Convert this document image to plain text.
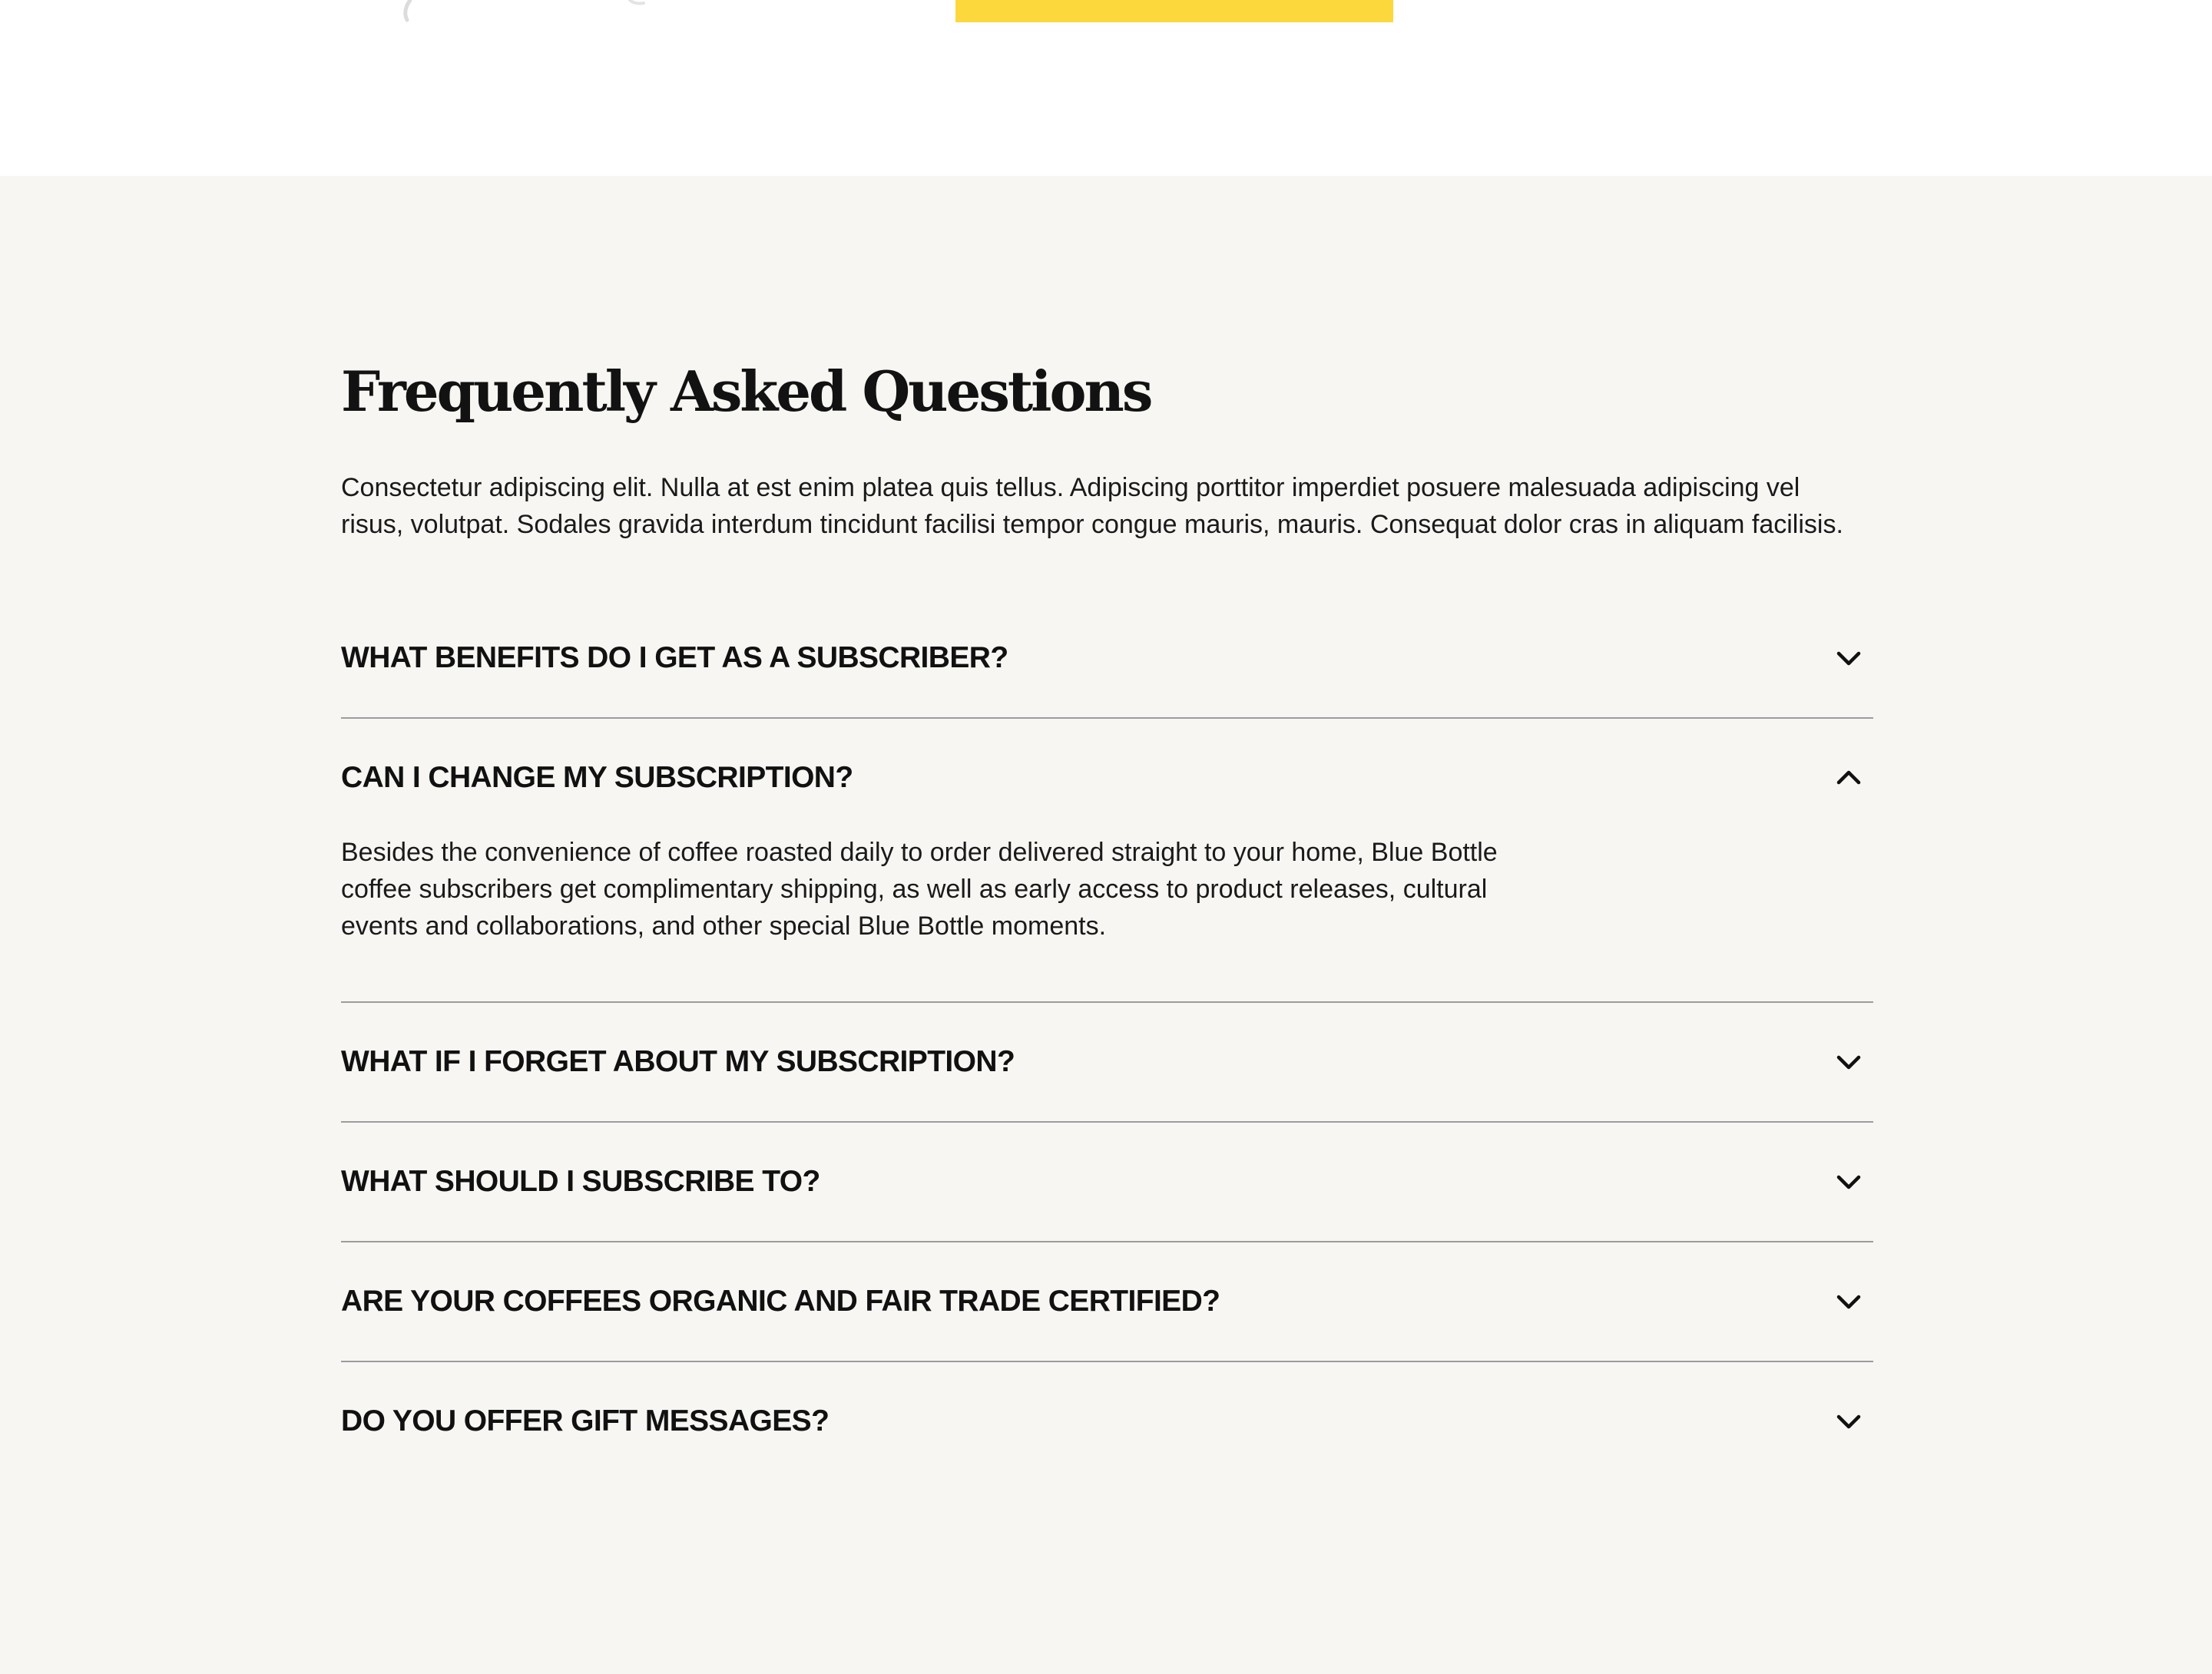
Frequently Asked Questions

Consectetur adipiscing elit. Nulla at est enim platea quis tellus. Adipiscing porttitor imperdiet posuere malesuada adipiscing vel risus, volutpat. Sodales gravida interdum tincidunt facilisi tempor congue mauris, mauris. Consequat dolor cras in aliquam facilisis.

WHAT BENEFITS DO I GET AS A SUBSCRIBER?
CAN I CHANGE MY SUBSCRIPTION?
Besides the convenience of coffee roasted daily to order delivered straight to your home, Blue Bottle coffee subscribers get complimentary shipping, as well as early access to product releases, cultural events and collaborations, and other special Blue Bottle moments.
WHAT IF I FORGET ABOUT MY SUBSCRIPTION?
WHAT SHOULD I SUBSCRIBE TO?
ARE YOUR COFFEES ORGANIC AND FAIR TRADE CERTIFIED?
DO YOU OFFER GIFT MESSAGES?
